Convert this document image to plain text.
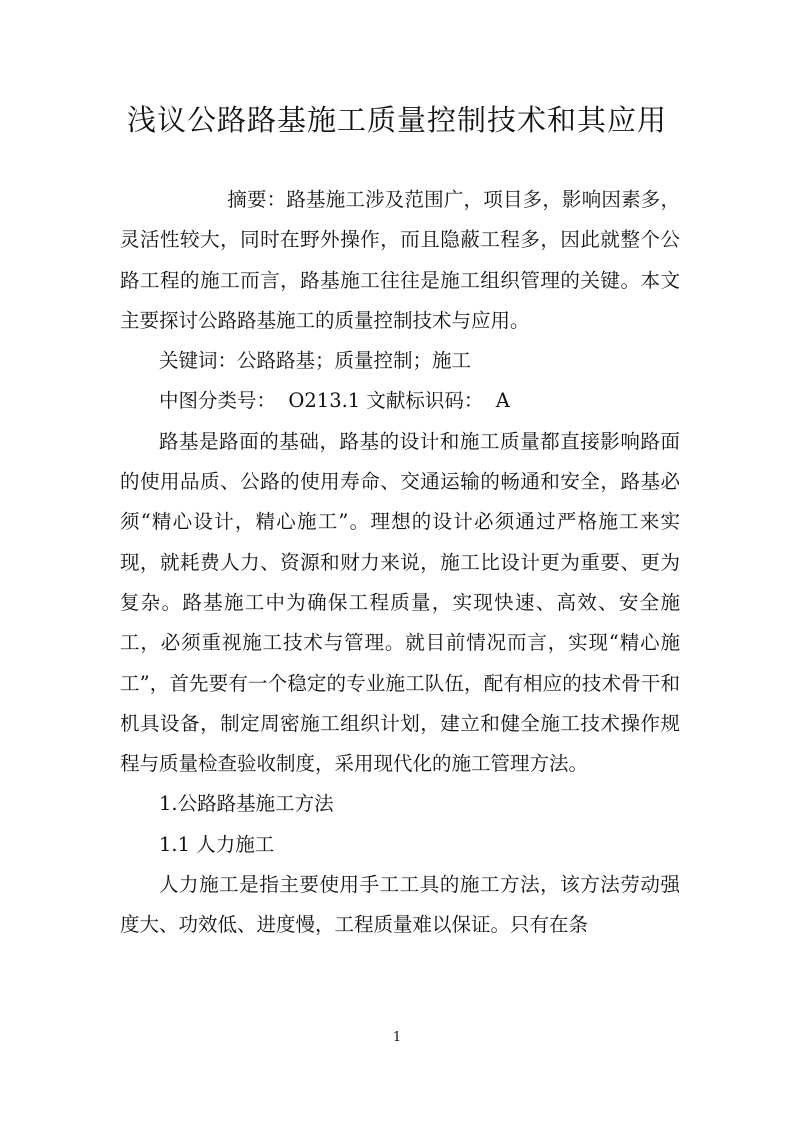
浅议公路路基施工质量控制技术和其应用

摘要：路基施工涉及范围广，项目多，影响因素多，灵活性较大，同时在野外操作，而且隐蔽工程多，因此就整个公路工程的施工而言，路基施工往往是施工组织管理的关键。本文主要探讨公路路基施工的质量控制技术与应用。

关键词：公路路基；质量控制；施工

中图分类号：  O213.1 文献标识码：  A

路基是路面的基础，路基的设计和施工质量都直接影响路面的使用品质、公路的使用寿命、交通运输的畅通和安全，路基必须“精心设计，精心施工”。理想的设计必须通过严格施工来实现，就耗费人力、资源和财力来说，施工比设计更为重要、更为复杂。路基施工中为确保工程质量，实现快速、高效、安全施工，必须重视施工技术与管理。就目前情况而言，实现“精心施工”，首先要有一个稳定的专业施工队伍，配有相应的技术骨干和机具设备，制定周密施工组织计划，建立和健全施工技术操作规程与质量检查验收制度，采用现代化的施工管理方法。

1.公路路基施工方法

1.1 人力施工

人力施工是指主要使用手工工具的施工方法，该方法劳动强度大、功效低、进度慢，工程质量难以保证。只有在条

1
